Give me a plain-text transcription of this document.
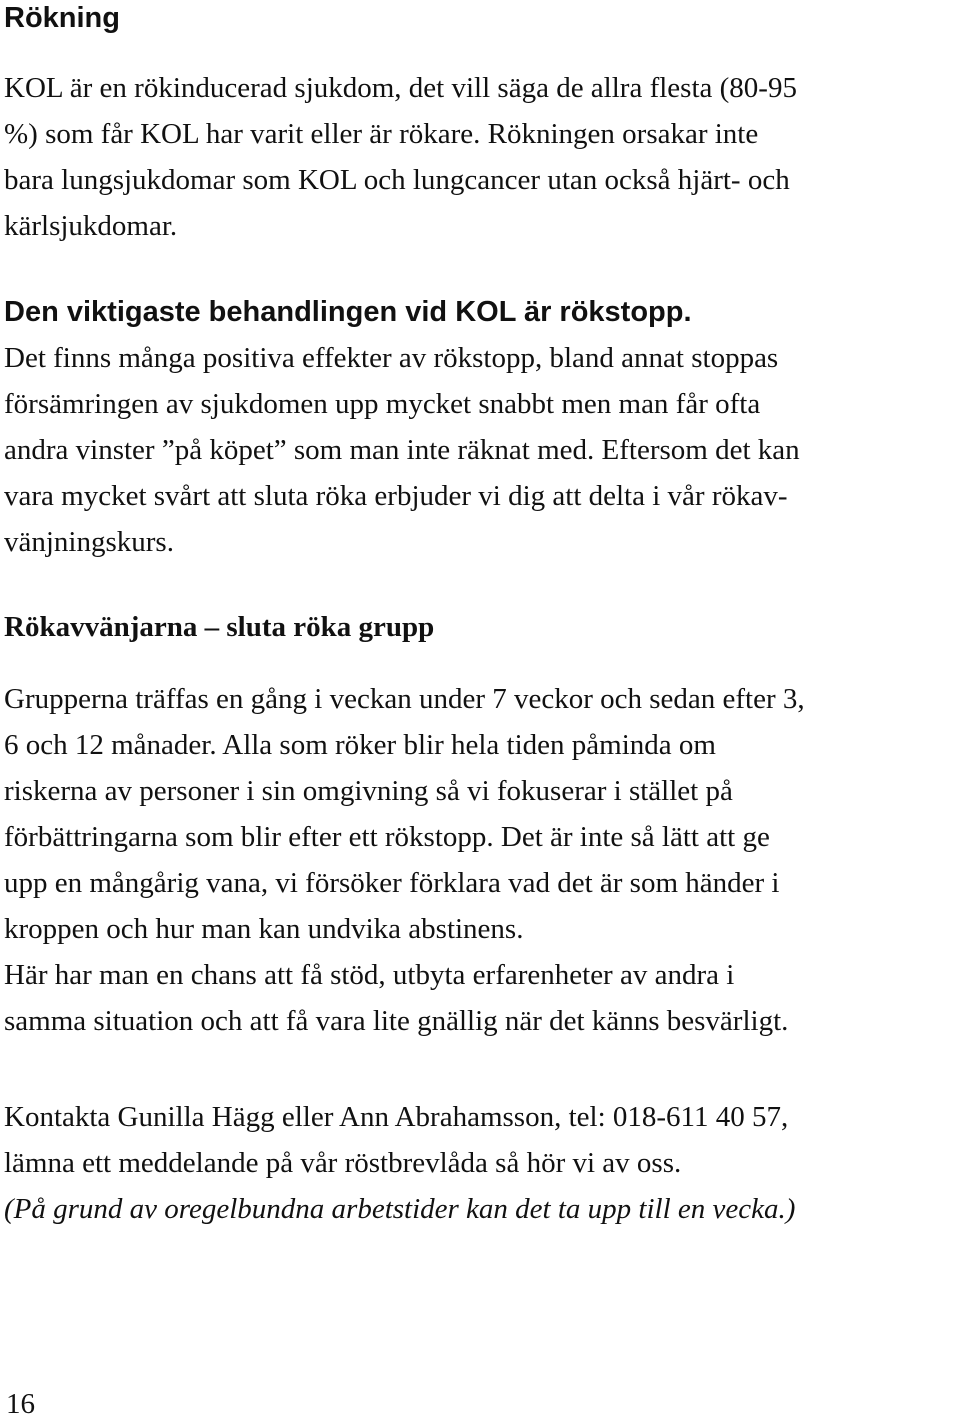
Rökning

KOL är en rökinducerad sjukdom, det vill säga de allra flesta (80-95
%) som får KOL har varit eller är rökare. Rökningen orsakar inte
bara lungsjukdomar som KOL och lungcancer utan också hjärt- och
kärlsjukdomar.

Den viktigaste behandlingen vid KOL är rökstopp.

Det finns många positiva effekter av rökstopp, bland annat stoppas
försämringen av sjukdomen upp mycket snabbt men man får ofta
andra vinster ”på köpet” som man inte räknat med. Eftersom det kan
vara mycket svårt att sluta röka erbjuder vi dig att delta i vår rökav-
vänjningskurs.

Rökavvänjarna – sluta röka grupp

Grupperna träffas en gång i veckan under 7 veckor och sedan efter 3,
6 och 12 månader. Alla som röker blir hela tiden påminda om
riskerna av personer i sin omgivning så vi fokuserar i stället på
förbättringarna som blir efter ett rökstopp. Det är inte så lätt att ge
upp en mångårig vana, vi försöker förklara vad det är som händer i
kroppen och hur man kan undvika abstinens.
Här har man en chans att få stöd, utbyta erfarenheter av andra i
samma situation och att få vara lite gnällig när det känns besvärligt.

Kontakta Gunilla Hägg eller Ann Abrahamsson, tel: 018-611 40 57,
lämna ett meddelande på vår röstbrevlåda så hör vi av oss.
(På grund av oregelbundna arbetstider kan det ta upp till en vecka.)

16
